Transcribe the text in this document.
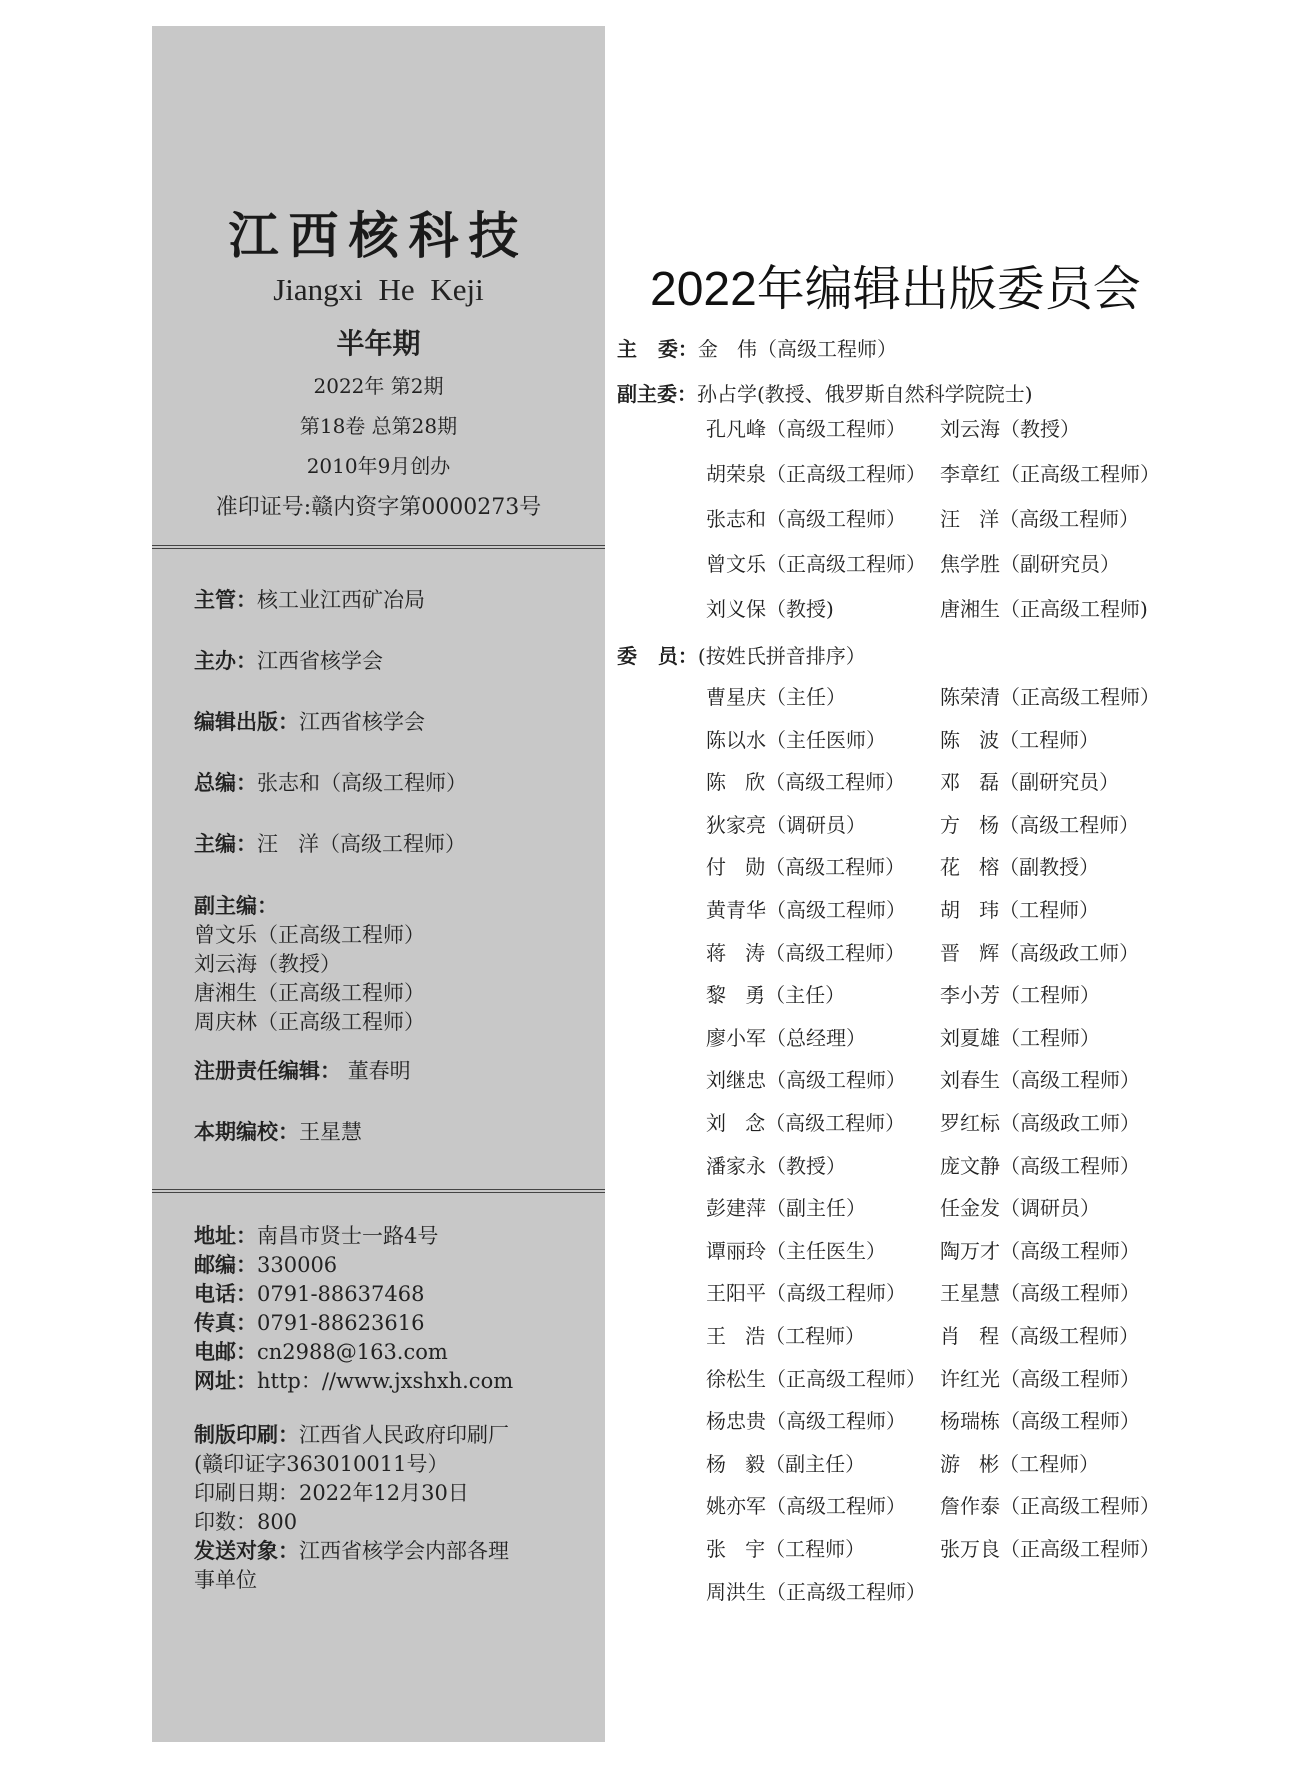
江西核科技
Jiangxi He Keji
半年期
2022年 第2期
第18卷 总第28期
2010年9月创办
准印证号:赣内资字第0000273号
主管：核工业江西矿冶局
主办：江西省核学会
编辑出版：江西省核学会
总编：张志和（高级工程师）
主编：汪   洋（高级工程师）
副主编：
曾文乐（正高级工程师）
刘云海（教授）
唐湘生（正高级工程师）
周庆林（正高级工程师）
注册责任编辑： 董春明
本期编校：王星慧
地址：南昌市贤士一路4号
邮编：330006
电话：0791-88637468
传真：0791-88623616
电邮：cn2988@163.com
网址：http：//www.jxshxh.com
制版印刷：江西省人民政府印刷厂
(赣印证字363010011号）
印刷日期：2022年12月30日
印数：800
发送对象：江西省核学会内部各理
事单位
2022年编辑出版委员会
主   委：金   伟（高级工程师）
副主委：孙占学(教授、俄罗斯自然科学院院士)
孔凡峰（高级工程师） 刘云海（教授）
胡荣泉（正高级工程师） 李章红（正高级工程师）
张志和（高级工程师） 汪   洋（高级工程师）
曾文乐（正高级工程师） 焦学胜（副研究员）
刘义保（教授)	唐湘生（正高级工程师)
委   员：(按姓氏拼音排序）
曹星庆（主任）	陈荣清（正高级工程师）
陈以水（主任医师）	陈   波（工程师）
陈   欣（高级工程师） 邓   磊（副研究员）
狄家亮（调研员）	方   杨（高级工程师）
付   勋（高级工程师） 花   榕（副教授）
黄青华（高级工程师） 胡   玮（工程师）
蒋   涛（高级工程师） 晋   辉（高级政工师）
黎   勇（主任）	李小芳（工程师）
廖小军（总经理）	刘夏雄（工程师）
刘继忠（高级工程师） 刘春生（高级工程师）
刘   念（高级工程师） 罗红标（高级政工师）
潘家永（教授）	庞文静（高级工程师）
彭建萍（副主任）	任金发（调研员）
谭丽玲（主任医生）	陶万才（高级工程师）
王阳平（高级工程师） 王星慧（高级工程师）
王   浩（工程师）	肖   程（高级工程师）
徐松生（正高级工程师） 许红光（高级工程师）
杨忠贵（高级工程师） 杨瑞栋（高级工程师）
杨   毅（副主任）	游   彬（工程师）
姚亦军（高级工程师） 詹作泰（正高级工程师）
张   宇（工程师）	张万良（正高级工程师）
周洪生（正高级工程师）
